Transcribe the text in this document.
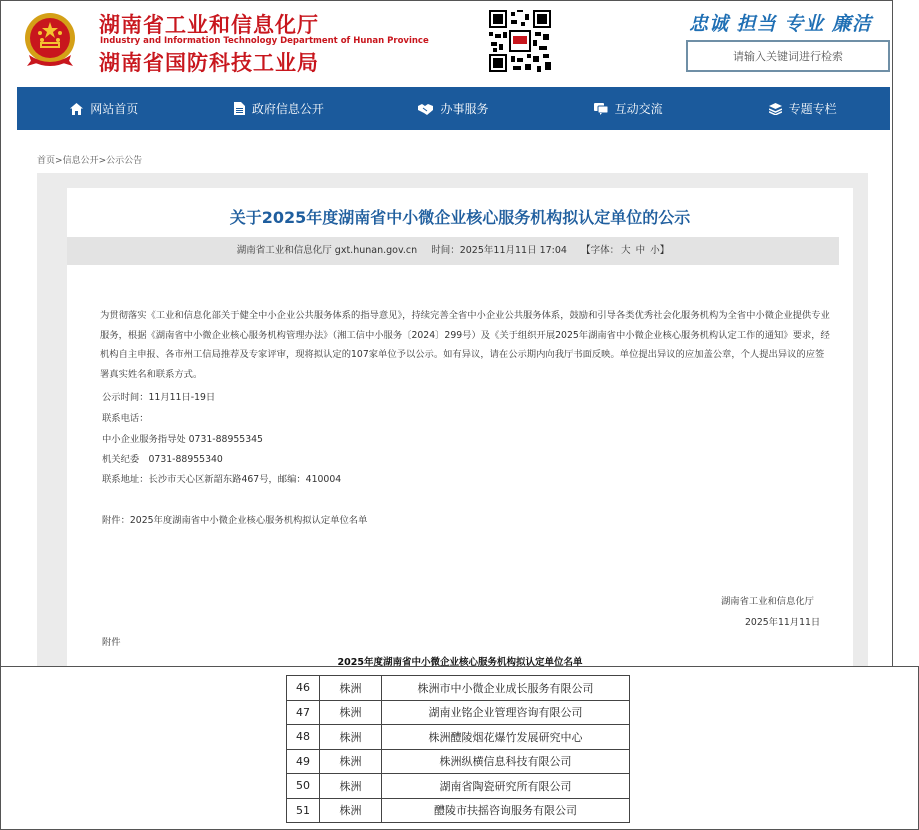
湖南省工业和信息化厅
Industry and Information Technology Department of Hunan Province
湖南省国防科技工业局
忠诚 担当 专业 廉洁
请输入关键词进行检索
网站首页	政府信息公开	办事服务	互动交流	专题专栏
首页>信息公开>公示公告
关于2025年度湖南省中小微企业核心服务机构拟认定单位的公示
湖南省工业和信息化厅 gxt.hunan.gov.cn 时间：2025年11月11日 17:04 【字体： 大 中 小】
为贯彻落实《工业和信息化部关于健全中小企业公共服务体系的指导意见》，持续完善全省中小企业公共服务体系，鼓励和引导各类优秀社会化服务机构为全省中小微企业提供专业服务，根据《湖南省中小微企业核心服务机构管理办法》（湘工信中小服务〔2024〕299号）及《关于组织开展2025年湖南省中小微企业核心服务机构认定工作的通知》要求，经机构自主申报、各市州工信局推荐及专家评审，现将拟认定的107家单位予以公示。如有异议，请在公示期内向我厅书面反映。单位提出异议的应加盖公章，个人提出异议的应签署真实姓名和联系方式。
公示时间：11月11日-19日
联系电话：
中小企业服务指导处 0731-88955345
机关纪委　0731-88955340
联系地址：长沙市天心区新韶东路467号，邮编：410004
附件：2025年度湖南省中小微企业核心服务机构拟认定单位名单
湖南省工业和信息化厅
2025年11月11日
附件
2025年度湖南省中小微企业核心服务机构拟认定单位名单
46	株洲	株洲市中小微企业成长服务有限公司
47	株洲	湖南业铭企业管理咨询有限公司
48	株洲	株洲醴陵烟花爆竹发展研究中心
49	株洲	株洲纵横信息科技有限公司
50	株洲	湖南省陶瓷研究所有限公司
51	株洲	醴陵市扶摇咨询服务有限公司
